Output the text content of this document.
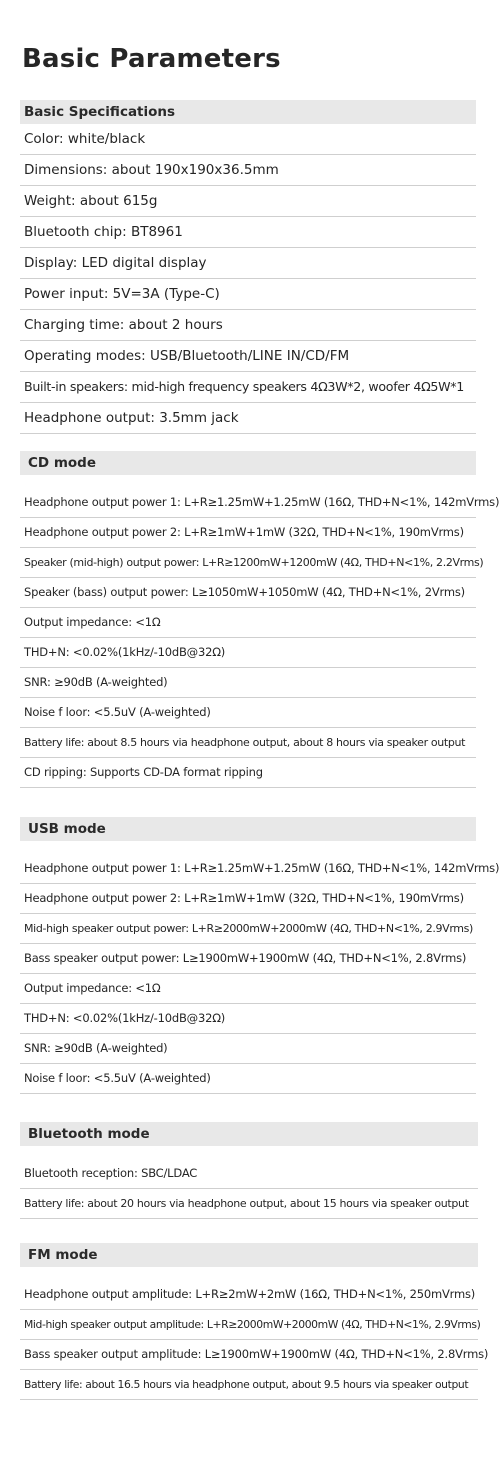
Basic Parameters
Basic Specifications
Color: white/black
Dimensions: about 190x190x36.5mm
Weight: about 615g
Bluetooth chip: BT8961
Display: LED digital display
Power input: 5V=3A (Type-C)
Charging time: about 2 hours
Operating modes: USB/Bluetooth/LINE IN/CD/FM
Built-in speakers: mid-high frequency speakers 4Ω3W*2, woofer 4Ω5W*1
Headphone output: 3.5mm jack
CD mode
Headphone output power 1: L+R≥1.25mW+1.25mW (16Ω, THD+N<1%, 142mVrms)
Headphone output power 2: L+R≥1mW+1mW (32Ω, THD+N<1%, 190mVrms)
Speaker (mid-high) output power: L+R≥1200mW+1200mW (4Ω, THD+N<1%, 2.2Vrms)
Speaker (bass) output power: L≥1050mW+1050mW (4Ω, THD+N<1%, 2Vrms)
Output impedance: <1Ω
THD+N: <0.02%(1kHz/-10dB@32Ω)
SNR: ≥90dB (A-weighted)
Noise f loor: <5.5uV (A-weighted)
Battery life: about 8.5 hours via headphone output, about 8 hours via speaker output
CD ripping: Supports CD-DA format ripping
USB mode
Headphone output power 1: L+R≥1.25mW+1.25mW (16Ω, THD+N<1%, 142mVrms)
Headphone output power 2: L+R≥1mW+1mW (32Ω, THD+N<1%, 190mVrms)
Mid-high speaker output power: L+R≥2000mW+2000mW (4Ω, THD+N<1%, 2.9Vrms)
Bass speaker output power: L≥1900mW+1900mW (4Ω, THD+N<1%, 2.8Vrms)
Output impedance: <1Ω
THD+N: <0.02%(1kHz/-10dB@32Ω)
SNR: ≥90dB (A-weighted)
Noise f loor: <5.5uV (A-weighted)
Bluetooth mode
Bluetooth reception: SBC/LDAC
Battery life: about 20 hours via headphone output, about 15 hours via speaker output
FM mode
Headphone output amplitude: L+R≥2mW+2mW (16Ω, THD+N<1%, 250mVrms)
Mid-high speaker output amplitude: L+R≥2000mW+2000mW (4Ω, THD+N<1%, 2.9Vrms)
Bass speaker output amplitude: L≥1900mW+1900mW (4Ω, THD+N<1%, 2.8Vrms)
Battery life: about 16.5 hours via headphone output, about 9.5 hours via speaker output
